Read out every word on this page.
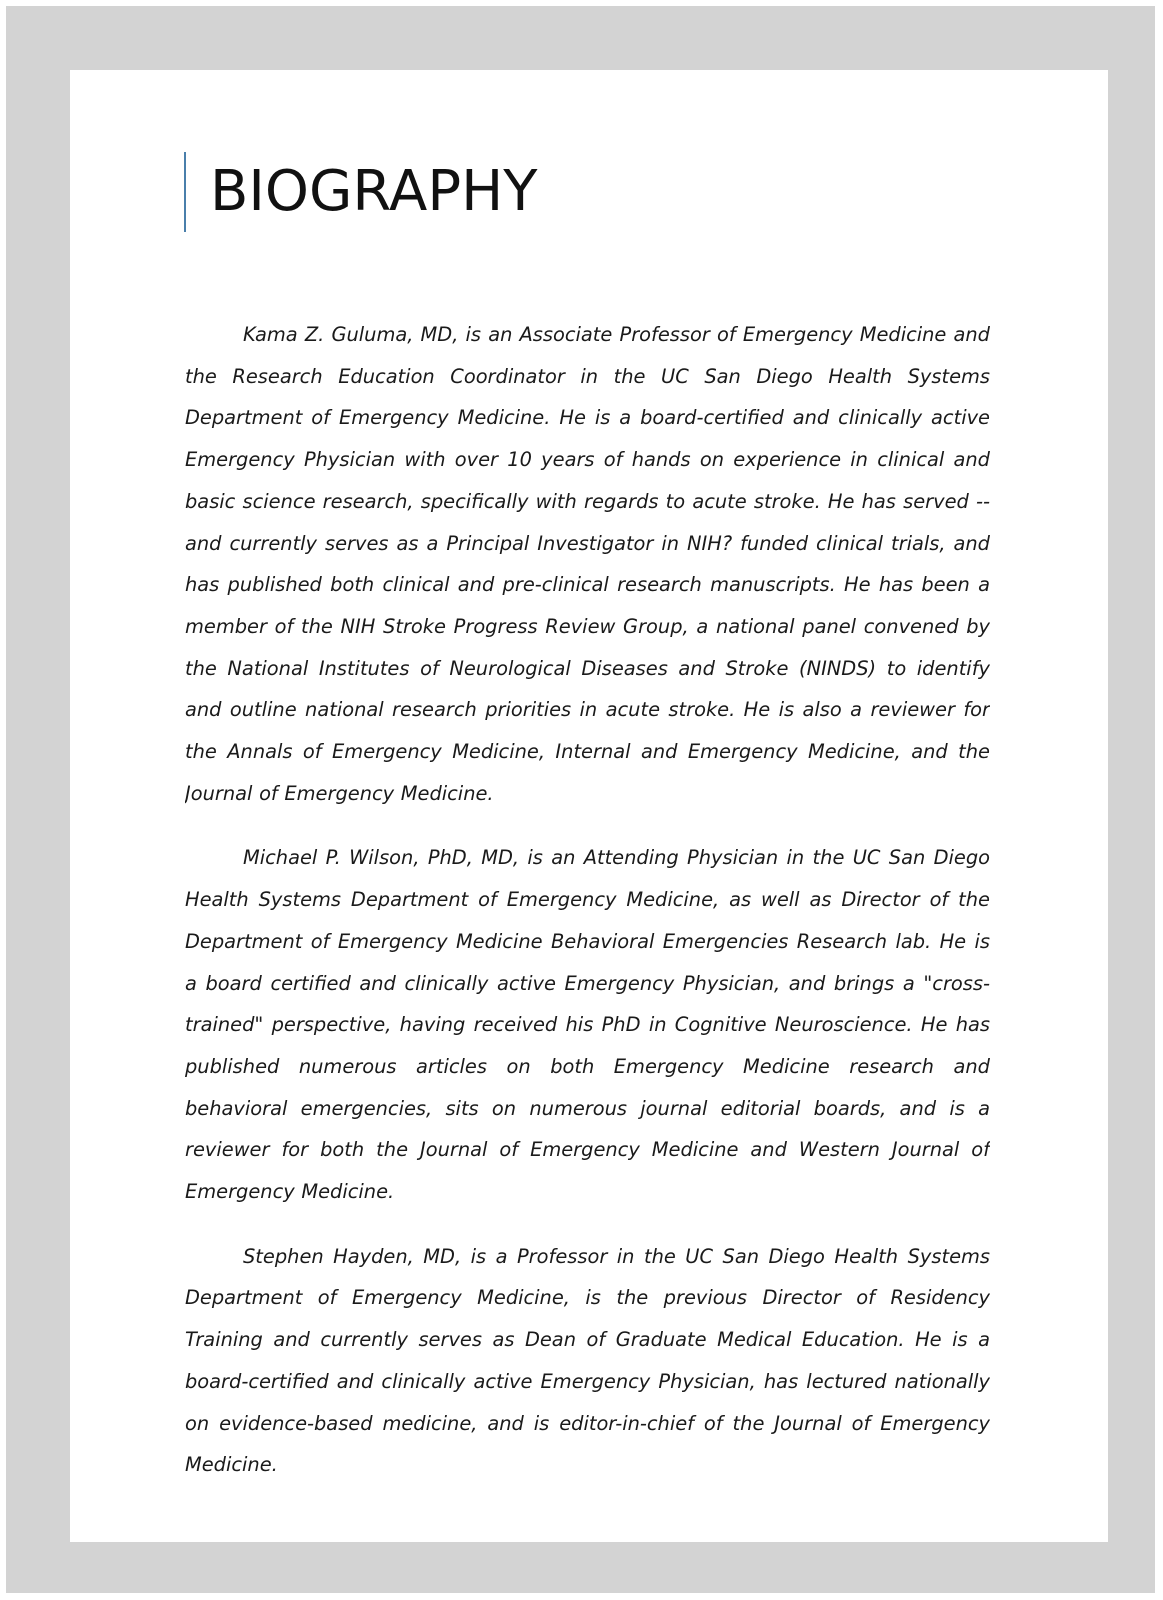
BIOGRAPHY

Kama Z. Guluma, MD, is an Associate Professor of Emergency Medicine and the Research Education Coordinator in the UC San Diego Health Systems Department of Emergency Medicine. He is a board-certified and clinically active Emergency Physician with over 10 years of hands on experience in clinical and basic science research, specifically with regards to acute stroke. He has served -- and currently serves as a Principal Investigator in NIH? funded clinical trials, and has published both clinical and pre-clinical research manuscripts. He has been a member of the NIH Stroke Progress Review Group, a national panel convened by the National Institutes of Neurological Diseases and Stroke (NINDS) to identify and outline national research priorities in acute stroke. He is also a reviewer for the Annals of Emergency Medicine, Internal and Emergency Medicine, and the Journal of Emergency Medicine.

Michael P. Wilson, PhD, MD, is an Attending Physician in the UC San Diego Health Systems Department of Emergency Medicine, as well as Director of the Department of Emergency Medicine Behavioral Emergencies Research lab. He is a board certified and clinically active Emergency Physician, and brings a "cross-trained" perspective, having received his PhD in Cognitive Neuroscience. He has published numerous articles on both Emergency Medicine research and behavioral emergencies, sits on numerous journal editorial boards, and is a reviewer for both the Journal of Emergency Medicine and Western Journal of Emergency Medicine.

Stephen Hayden, MD, is a Professor in the UC San Diego Health Systems Department of Emergency Medicine, is the previous Director of Residency Training and currently serves as Dean of Graduate Medical Education. He is a board-certified and clinically active Emergency Physician, has lectured nationally on evidence-based medicine, and is editor-in-chief of the Journal of Emergency Medicine.
